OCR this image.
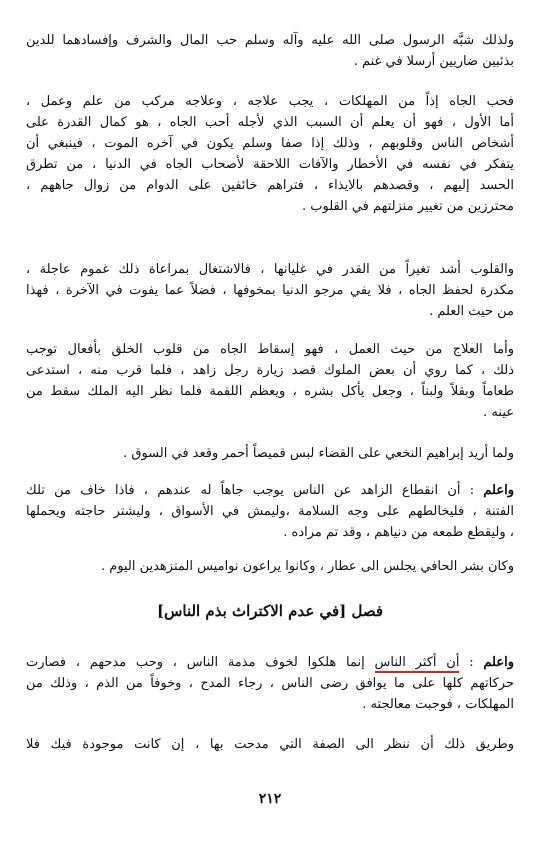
ولذلك شبَّه الرسول صلى الله عليه وآله وسلم حب المال والشرف وإفسادهما للدين
بذئبين ضاريين أرسلا في غنم .
فحب الجاه إذاً من المهلكات ، يجب علاجه ، وعلاجه مركب من علم وعمل ،
أما الأول ، فهو أن يعلم أن السبب الذي لأجله أحب الجاه ، هو كمال القدرة على
أشخاص الناس وقلوبهم ، وذلك إذا صفا وسلم يكون في آخره الموت ، فينبغي أن
يتفكر في نفسه في الأخطار والآفات اللاحقة لأصحاب الجاه في الدنيا ، من تطرق
الحسد إليهم ، وقصدهم بالايذاء ، فتراهم خائفين على الدوام من زوال جاههم ،
محترزين من تغيير منزلتهم في القلوب .
والقلوب أشد تغيراً من القدر في غليانها ، فالاشتغال بمراعاة ذلك غموم عاجلة ،
مكدرة لحفظ الجاه ، فلا يفي مرجو الدنيا بمخوفها ، فضلاً عما يفوت في الآخرة ، فهذا
من حيث العلم .
وأما العلاج من حيث العمل ، فهو إسقاط الجاه من قلوب الخلق بأفعال توجب
ذلك ، كما روي أن بعض الملوك قصد زيارة رجل زاهد ، فلما قرب منه ، استدعى
طعاماً وبقلاً ولبناً ، وجعل يأكل بشره ، ويعظم اللقمة فلما نظر اليه الملك سقط من
عينه .
ولما أريد إبراهيم النخعي على القضاء لبس قميصاً أحمر وقعد في السوق .
واعلم : أن انقطاع الزاهد عن الناس يوجب جاهاً له عندهم ، فاذا خاف من تلك
الفتنة ، فليخالطهم على وجه السلامة ،وليمش في الأسواق ، وليشتر حاجته ويحملها
، وليقطع طمعه من دنياهم ، وقد تم مراده .
وكان بشر الحافي يجلس الى عطار ، وكانوا يراعون نواميس المتزهدين اليوم .
فصل [في عدم الاكتراث بذم الناس]
واعلم : أن أكثر الناس إنما هلكوا لخوف مذمة الناس ، وحب مدحهم ، فصارت
حركاتهم كلها على ما يوافق رضى الناس ، رجاء المدح ، وخوفاً من الذم ، وذلك من
المهلكات ، فوجبت معالجته .
وطريق ذلك أن ننظر الى الصفة التي مدحت بها ، إن كانت موجودة فيك فلا
٢١٢
